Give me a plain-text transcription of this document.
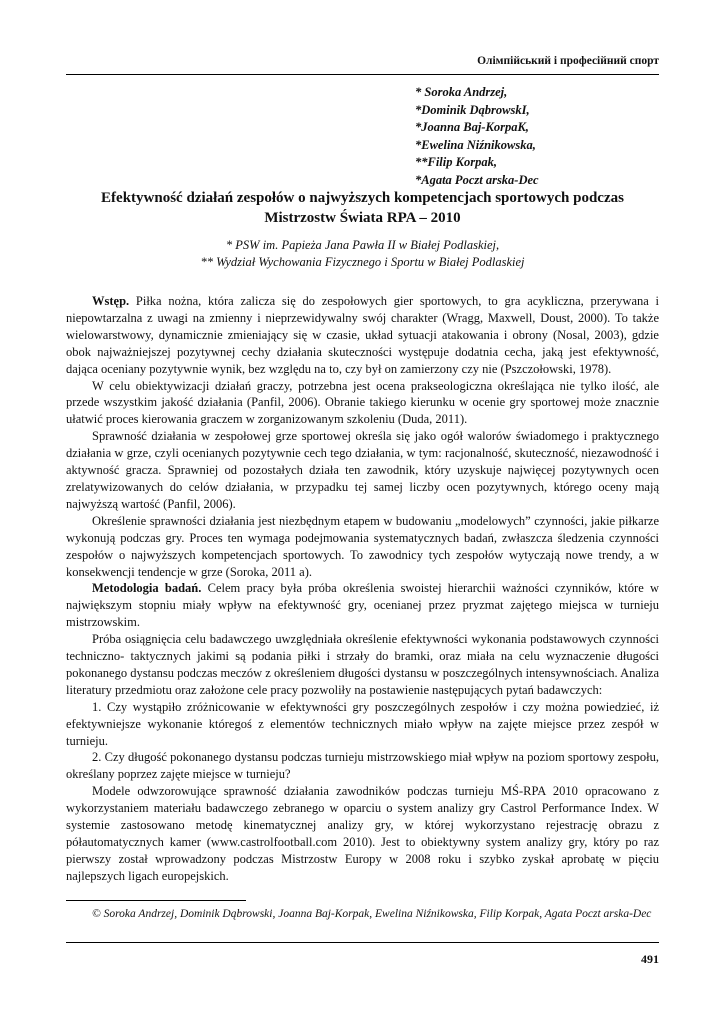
Олімпійський і професійний спорт
* Soroka Andrzej,
*Dominik DąbrowskI,
*Joanna Baj-KorpaK,
*Ewelina Niźnikowska,
**Filip Korpak,
*Agata Poczt arska-Dec
Efektywność działań zespołów o najwyższych kompetencjach sportowych podczas
Mistrzostw Świata RPA – 2010
* PSW im. Papieża Jana Pawła II w Białej Podlaskiej,
** Wydział Wychowania Fizycznego i Sportu w Białej Podlaskiej

Wstęp. Piłka nożna, która zalicza się do zespołowych gier sportowych, to gra acykliczna, przerywana i niepowtarzalna z uwagi na zmienny i nieprzewidywalny swój charakter (Wragg, Maxwell, Doust, 2000). To także wielowarstwowy, dynamicznie zmieniający się w czasie, układ sytuacji atakowania i obrony (Nosal, 2003), gdzie obok najważniejszej pozytywnej cechy działania skuteczności występuje dodatnia cecha, jaką jest efektywność, dająca oceniany pozytywnie wynik, bez względu na to, czy był on zamierzony czy nie (Pszczołowski, 1978).

W celu obiektywizacji działań graczy, potrzebna jest ocena prakseologiczna określająca nie tylko ilość, ale przede wszystkim jakość działania (Panfil, 2006). Obranie takiego kierunku w ocenie gry sportowej może znacznie ułatwić proces kierowania graczem w zorganizowanym szkoleniu (Duda, 2011).

Sprawność działania w zespołowej grze sportowej określa się jako ogół walorów świadomego i praktycznego działania w grze, czyli ocenianych pozytywnie cech tego działania, w tym: racjonalność, skuteczność, niezawodność i aktywność gracza. Sprawniej od pozostałych działa ten zawodnik, który uzyskuje najwięcej pozytywnych ocen zrelatywizowanych do celów działania, w przypadku tej samej liczby ocen pozytywnych, którego oceny mają najwyższą wartość (Panfil, 2006).

Określenie sprawności działania jest niezbędnym etapem w budowaniu „modelowych” czynności, jakie piłkarze wykonują podczas gry. Proces ten wymaga podejmowania systematycznych badań, zwłaszcza śledzenia czynności zespołów o najwyższych kompetencjach sportowych. To zawodnicy tych zespołów wytyczają nowe trendy, a w konsekwencji tendencje w grze (Soroka, 2011 a).

Metodologia badań. Celem pracy była próba określenia swoistej hierarchii ważności czynników, które w największym stopniu miały wpływ na efektywność gry, ocenianej przez pryzmat zajętego miejsca w turnieju mistrzowskim.

Próba osiągnięcia celu badawczego uwzględniała określenie efektywności wykonania podstawowych czynności techniczno- taktycznych jakimi są podania piłki i strzały do bramki, oraz miała na celu wyznaczenie długości pokonanego dystansu podczas meczów z określeniem długości dystansu w poszczególnych intensywnościach. Analiza literatury przedmiotu oraz założone cele pracy pozwoliły na postawienie następujących pytań badawczych:

1. Czy wystąpiło zróżnicowanie w efektywności gry poszczególnych zespołów i czy można powiedzieć, iż efektywniejsze wykonanie któregoś z elementów technicznych miało wpływ na zajęte miejsce przez zespół w turnieju.

2. Czy długość pokonanego dystansu podczas turnieju mistrzowskiego miał wpływ na poziom sportowy zespołu, określany poprzez zajęte miejsce w turnieju?

Modele odwzorowujące sprawność działania zawodników podczas turnieju MŚ-RPA 2010 opracowano z wykorzystaniem materiału badawczego zebranego w oparciu o system analizy gry Castrol Performance Index. W systemie zastosowano metodę kinematycznej analizy gry, w której wykorzystano rejestrację obrazu z półautomatycznych kamer (www.castrolfootball.com 2010). Jest to obiektywny system analizy gry, który po raz pierwszy został wprowadzony podczas Mistrzostw Europy w 2008 roku i szybko zyskał aprobatę w pięciu najlepszych ligach europejskich.

© Soroka Andrzej, Dominik Dąbrowski, Joanna Baj-Korpak, Ewelina Niźnikowska, Filip Korpak, Agata Poczt arska-Dec
491
